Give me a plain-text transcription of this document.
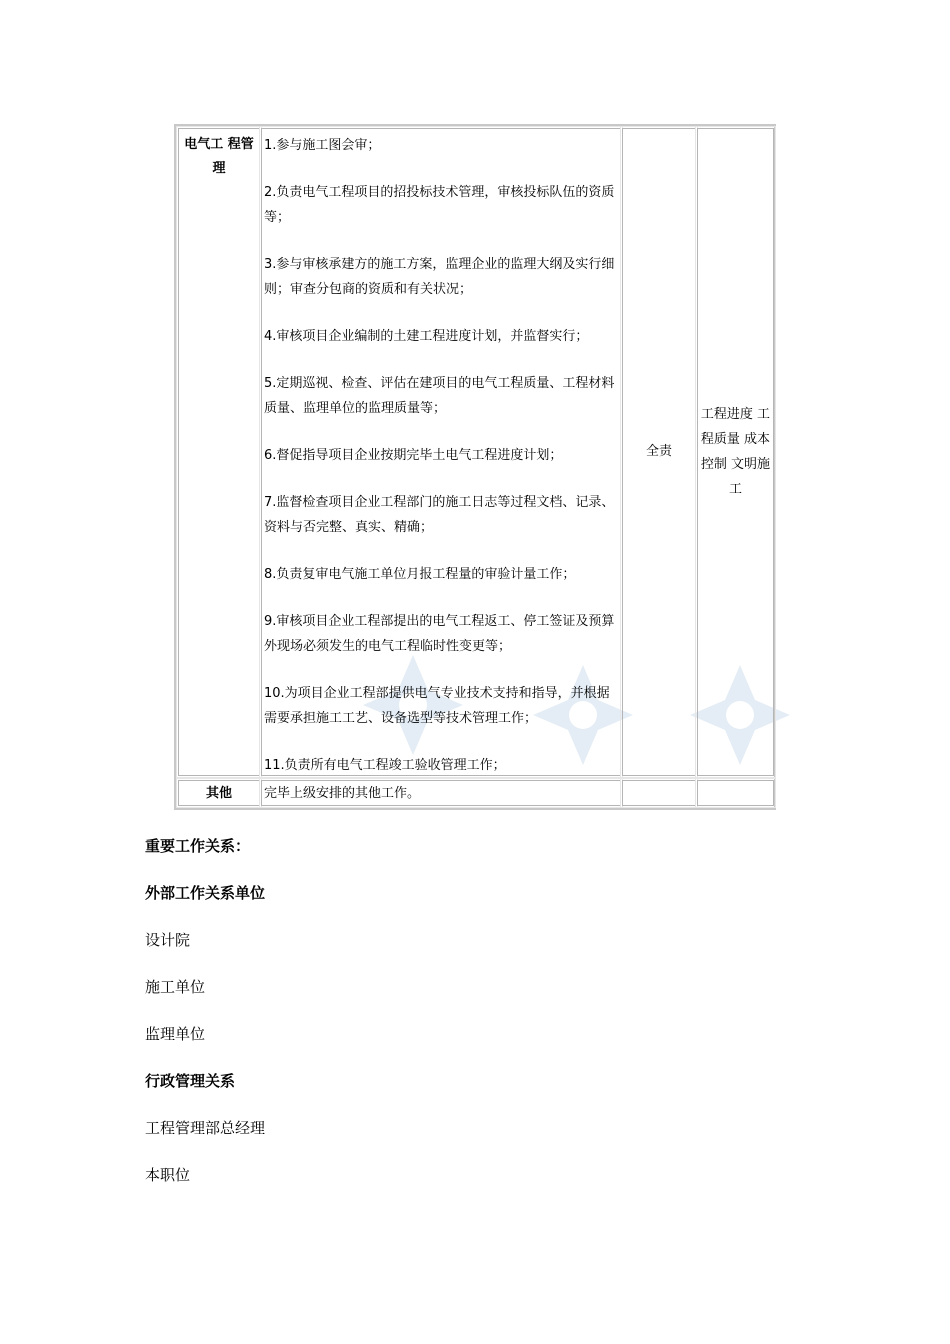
电气工 程管理
1.参与施工图会审；
2.负责电气工程项目的招投标技术管理，审核投标队伍的资质等；
3.参与审核承建方的施工方案，监理企业的监理大纲及实行细则；审查分包商的资质和有关状况；
4.审核项目企业编制的土建工程进度计划，并监督实行；
5.定期巡视、检查、评估在建项目的电气工程质量、工程材料质量、监理单位的监理质量等；
6.督促指导项目企业按期完毕土电气工程进度计划；
7.监督检查项目企业工程部门的施工日志等过程文档、记录、资料与否完整、真实、精确；
8.负责复审电气施工单位月报工程量的审验计量工作；
9.审核项目企业工程部提出的电气工程返工、停工签证及预算外现场必须发生的电气工程临时性变更等；
10.为项目企业工程部提供电气专业技术支持和指导，并根据需要承担施工工艺、设备选型等技术管理工作；
11.负责所有电气工程竣工验收管理工作；
全责
工程进度 工程质量 成本控制 文明施工
其他	完毕上级安排的其他工作。
重要工作关系：
外部工作关系单位
设计院
施工单位
监理单位
行政管理关系
工程管理部总经理
本职位
